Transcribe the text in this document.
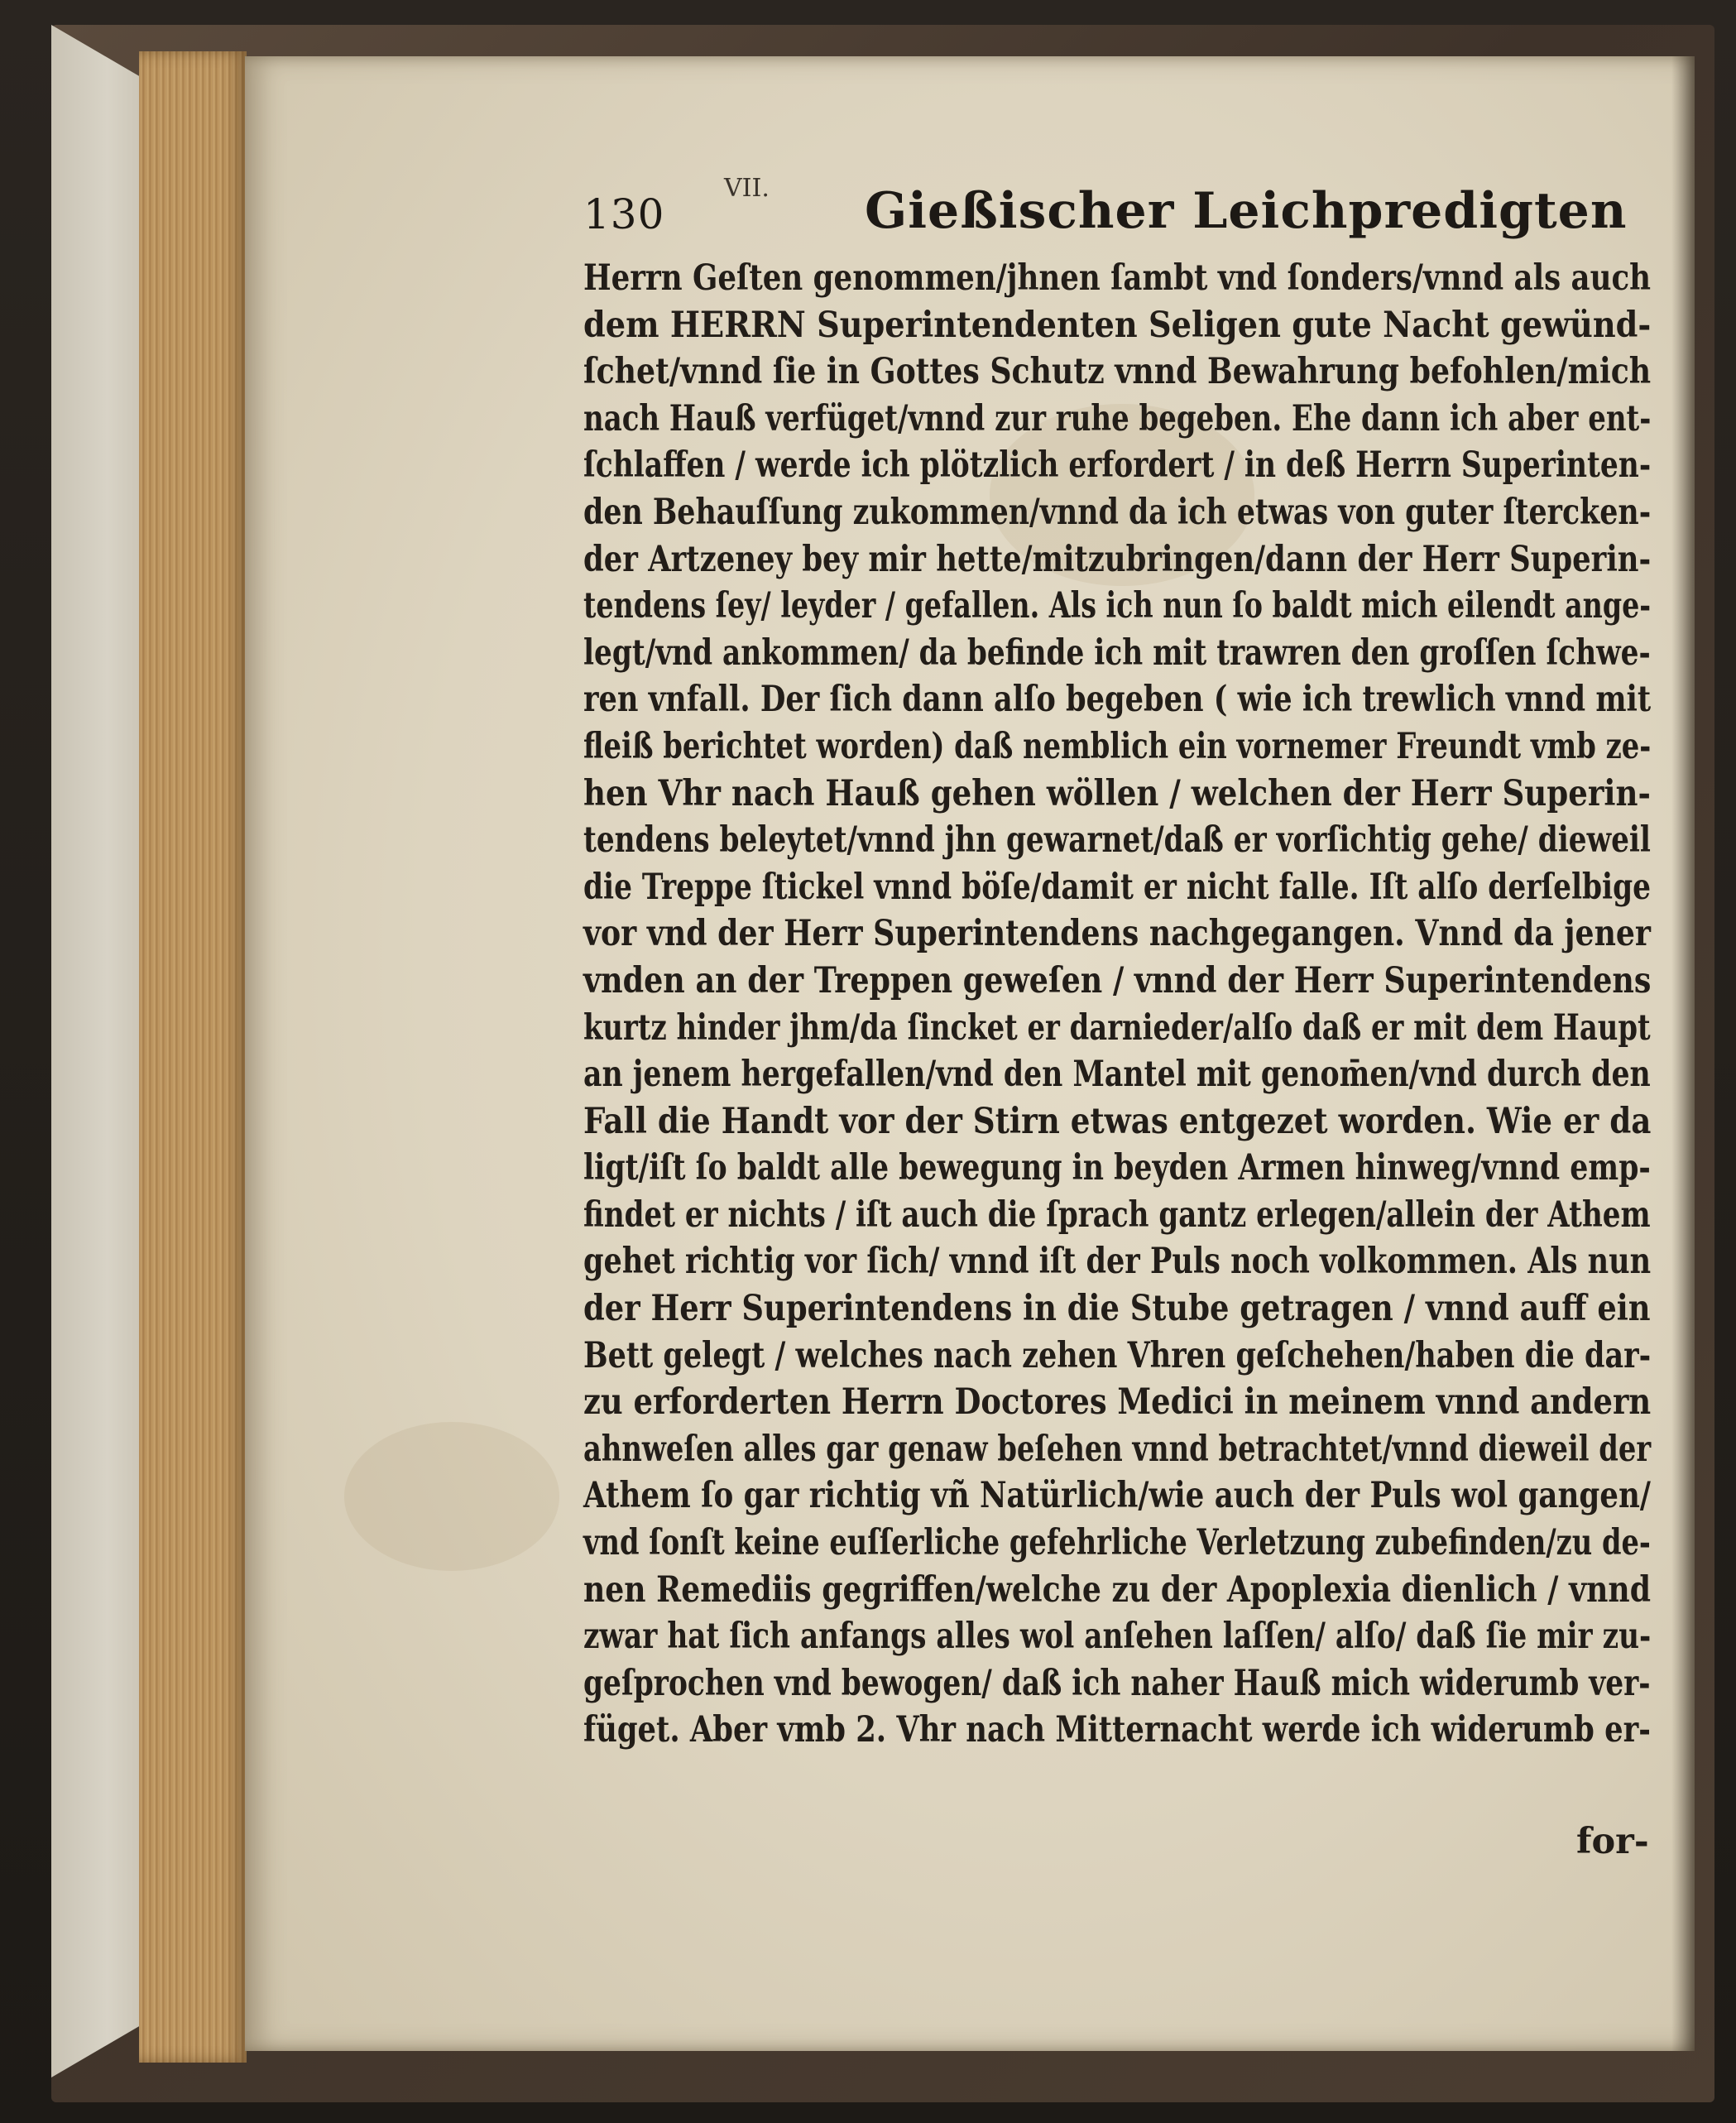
130
VII. Gießischer Leichpredigten
Herrn Geſten genommen/jhnen ſambt vnd ſonders/vnnd als auch
dem HERRN Superintendenten Seligen gute Nacht gewünd-
ſchet/vnnd ſie in Gottes Schutz vnnd Bewahrung befohlen/mich
nach Hauß verfüget/vnnd zur ruhe begeben. Ehe dann ich aber ent-
ſchlaffen / werde ich plötzlich erfordert / in deß Herrn Superinten-
den Behauſſung zukommen/vnnd da ich etwas von guter ſtercken-
der Artzeney bey mir hette/mitzubringen/dann der Herr Superin-
tendens ſey/ leyder / gefallen. Als ich nun ſo baldt mich eilendt ange-
legt/vnd ankommen/ da befinde ich mit trawren den groſſen ſchwe-
ren vnfall. Der ſich dann alſo begeben ( wie ich trewlich vnnd mit
fleiß berichtet worden) daß nemblich ein vornemer Freundt vmb ze-
hen Vhr nach Hauß gehen wöllen / welchen der Herr Superin-
tendens beleytet/vnnd jhn gewarnet/daß er vorſichtig gehe/ dieweil
die Treppe ſtickel vnnd böſe/damit er nicht falle. Iſt alſo derſelbige
vor vnd der Herr Superintendens nachgegangen. Vnnd da jener
vnden an der Treppen geweſen / vnnd der Herr Superintendens
kurtz hinder jhm/da ſincket er darnieder/alſo daß er mit dem Haupt
an jenem hergefallen/vnd den Mantel mit genom̄en/vnd durch den
Fall die Handt vor der Stirn etwas entgezet worden. Wie er da
ligt/iſt ſo baldt alle bewegung in beyden Armen hinweg/vnnd emp-
findet er nichts / iſt auch die ſprach gantz erlegen/allein der Athem
gehet richtig vor ſich/ vnnd iſt der Puls noch volkommen. Als nun
der Herr Superintendens in die Stube getragen / vnnd auff ein
Bett gelegt / welches nach zehen Vhren geſchehen/haben die dar-
zu erforderten Herrn Doctores Medici in meinem vnnd andern
ahnweſen alles gar genaw beſehen vnnd betrachtet/vnnd dieweil der
Athem ſo gar richtig vñ Natürlich/wie auch der Puls wol gangen/
vnd ſonſt keine euſſerliche gefehrliche Verletzung zubefinden/zu de-
nen Remediis gegriffen/welche zu der Apoplexia dienlich / vnnd
zwar hat ſich anfangs alles wol anſehen laſſen/ alſo/ daß ſie mir zu-
geſprochen vnd bewogen/ daß ich naher Hauß mich widerumb ver-
füget. Aber vmb 2. Vhr nach Mitternacht werde ich widerumb er-
for-
